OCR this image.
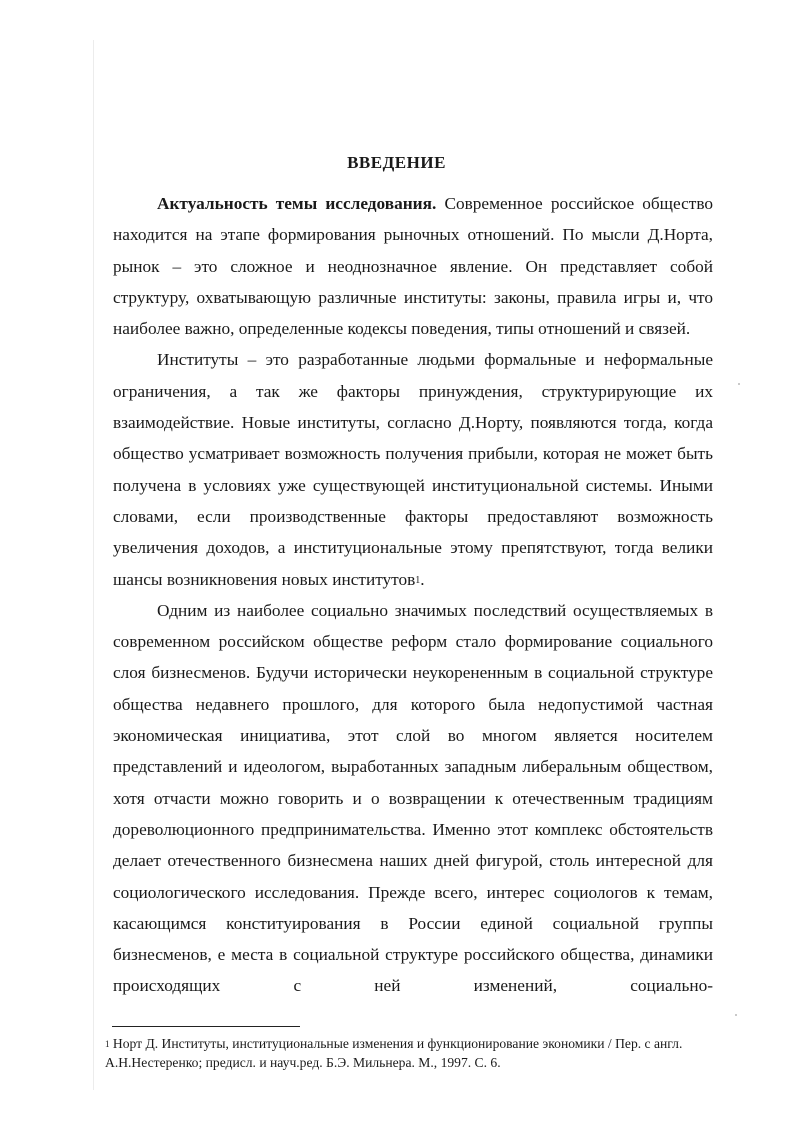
ВВЕДЕНИЕ

Актуальность темы исследования. Современное российское общество находится на этапе формирования рыночных отношений. По мысли Д.Норта, рынок – это сложное и неоднозначное явление. Он представляет собой структуру, охватывающую различные институты: законы, правила игры и, что наиболее важно, определенные кодексы поведения, типы отношений и связей.

Институты – это разработанные людьми формальные и неформальные ограничения, а так же факторы принуждения, структурирующие их взаимодействие. Новые институты, согласно Д.Норту, появляются тогда, когда общество усматривает возможность получения прибыли, которая не может быть получена в условиях уже существующей институциональной системы. Иными словами, если производственные факторы предоставляют возможность увеличения доходов, а институциональные этому препятствуют, тогда велики шансы возникновения новых институтов$^1$.

Одним из наиболее социально значимых последствий осуществляемых в современном российском обществе реформ стало формирование социального слоя бизнесменов. Будучи исторически неукорененным в социальной структуре общества недавнего прошлого, для которого была недопустимой частная экономическая инициатива, этот слой во многом является носителем представлений и идеологом, выработанных западным либеральным обществом, хотя отчасти можно говорить и о возвращении к отечественным традициям дореволюционного предпринимательства. Именно этот комплекс обстоятельств делает отечественного бизнесмена наших дней фигурой, столь интересной для социологического исследования. Прежде всего, интерес социологов к темам, касающимся конституирования в России единой социальной группы бизнесменов, е места в социальной структуре российского общества, динамики происходящих с ней изменений, социально-

$^1$ Норт Д. Институты, институциональные изменения и функционирование экономики / Пер. с англ. А.Н.Нестеренко; предисл. и науч.ред. Б.Э. Мильнера. М., 1997. С. 6.
